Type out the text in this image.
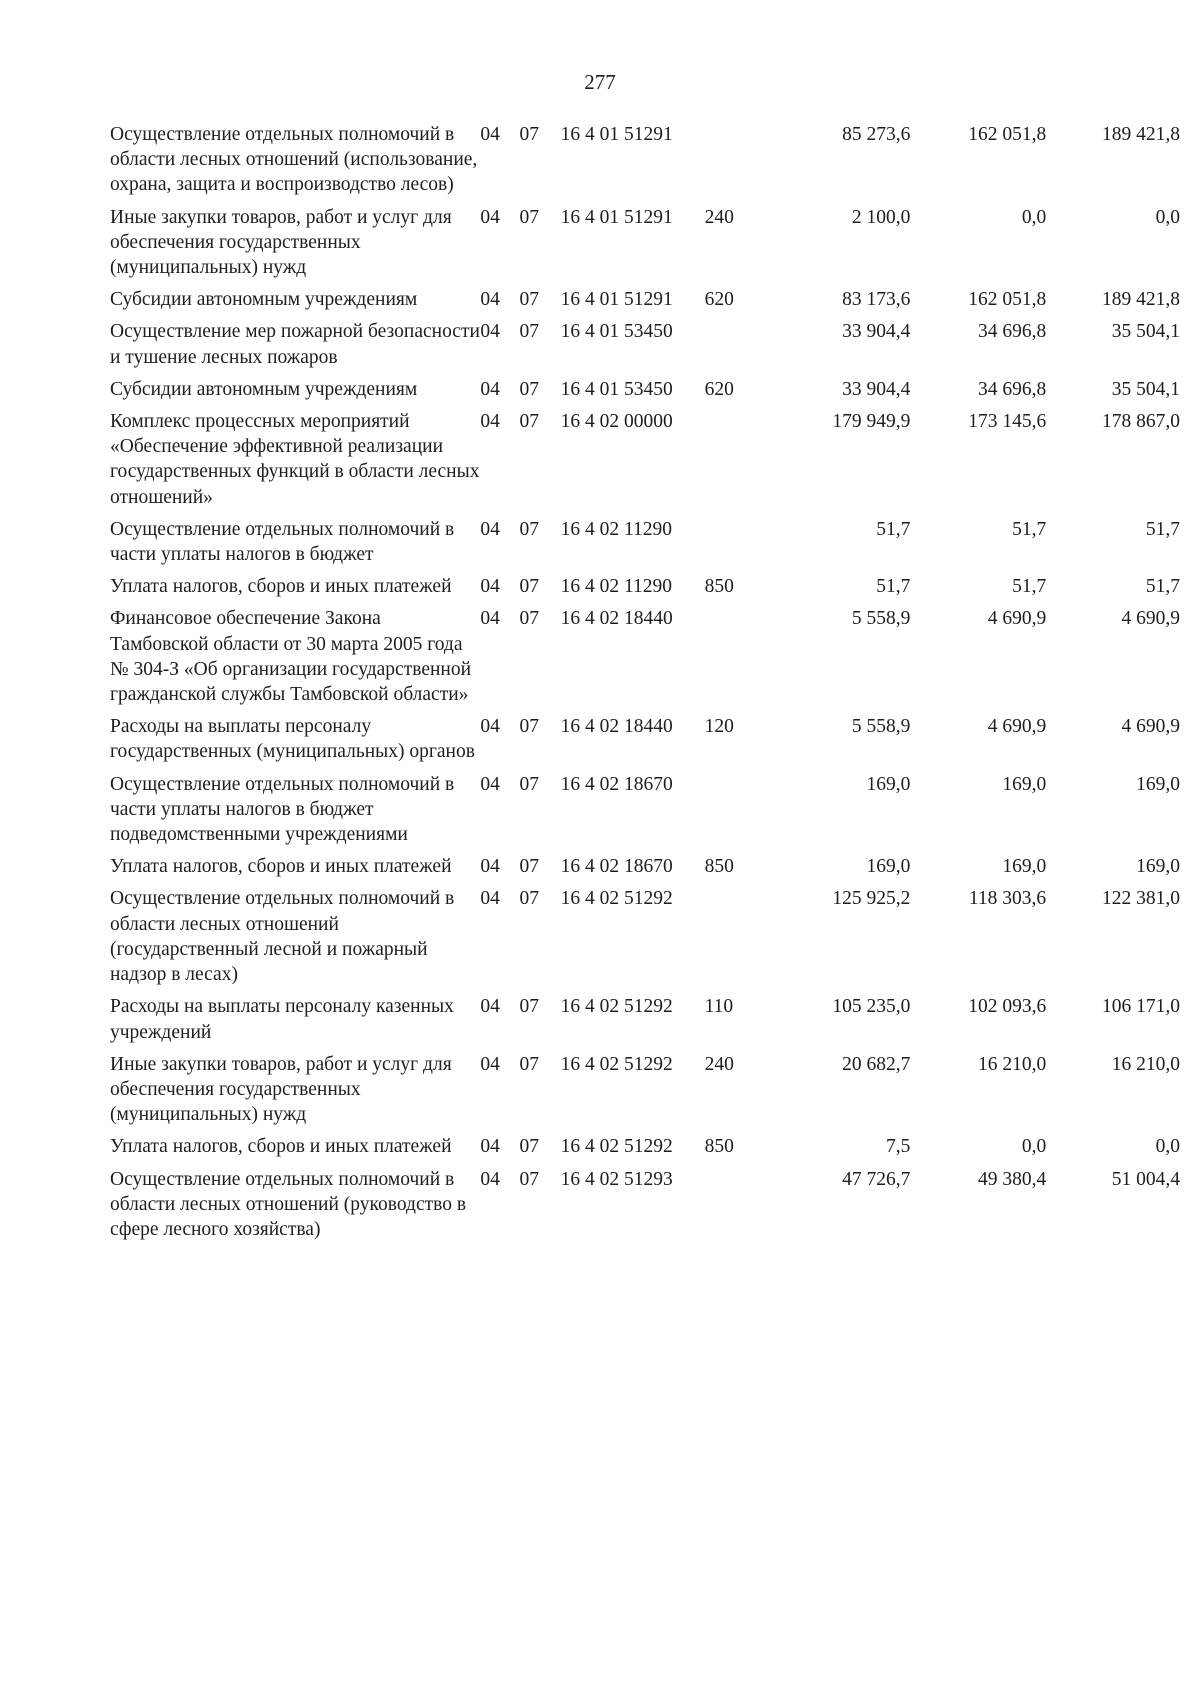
277
Осуществление отдельных полномочий в области лесных отношений (использование, охрана, защита и воспроизводство лесов)	04	07	16 4 01 51291		85 273,6	162 051,8	189 421,8
Иные закупки товаров, работ и услуг для обеспечения государственных (муниципальных) нужд	04	07	16 4 01 51291	240	2 100,0	0,0	0,0
Субсидии автономным учреждениям	04	07	16 4 01 51291	620	83 173,6	162 051,8	189 421,8
Осуществление мер пожарной безопасности и тушение лесных пожаров	04	07	16 4 01 53450		33 904,4	34 696,8	35 504,1
Субсидии автономным учреждениям	04	07	16 4 01 53450	620	33 904,4	34 696,8	35 504,1
Комплекс процессных мероприятий «Обеспечение эффективной реализации государственных функций в области лесных отношений»	04	07	16 4 02 00000		179 949,9	173 145,6	178 867,0
Осуществление отдельных полномочий в части уплаты налогов в бюджет	04	07	16 4 02 11290		51,7	51,7	51,7
Уплата налогов, сборов и иных платежей	04	07	16 4 02 11290	850	51,7	51,7	51,7
Финансовое обеспечение Закона Тамбовской области от 30 марта 2005 года № 304-З «Об организации государственной гражданской службы Тамбовской области»	04	07	16 4 02 18440		5 558,9	4 690,9	4 690,9
Расходы на выплаты персоналу государственных (муниципальных) органов	04	07	16 4 02 18440	120	5 558,9	4 690,9	4 690,9
Осуществление отдельных полномочий в части уплаты налогов в бюджет подведомственными учреждениями	04	07	16 4 02 18670		169,0	169,0	169,0
Уплата налогов, сборов и иных платежей	04	07	16 4 02 18670	850	169,0	169,0	169,0
Осуществление отдельных полномочий в области лесных отношений (государственный лесной и пожарный надзор в лесах)	04	07	16 4 02 51292		125 925,2	118 303,6	122 381,0
Расходы на выплаты персоналу казенных учреждений	04	07	16 4 02 51292	110	105 235,0	102 093,6	106 171,0
Иные закупки товаров, работ и услуг для обеспечения государственных (муниципальных) нужд	04	07	16 4 02 51292	240	20 682,7	16 210,0	16 210,0
Уплата налогов, сборов и иных платежей	04	07	16 4 02 51292	850	7,5	0,0	0,0
Осуществление отдельных полномочий в области лесных отношений (руководство в сфере лесного хозяйства)	04	07	16 4 02 51293		47 726,7	49 380,4	51 004,4
